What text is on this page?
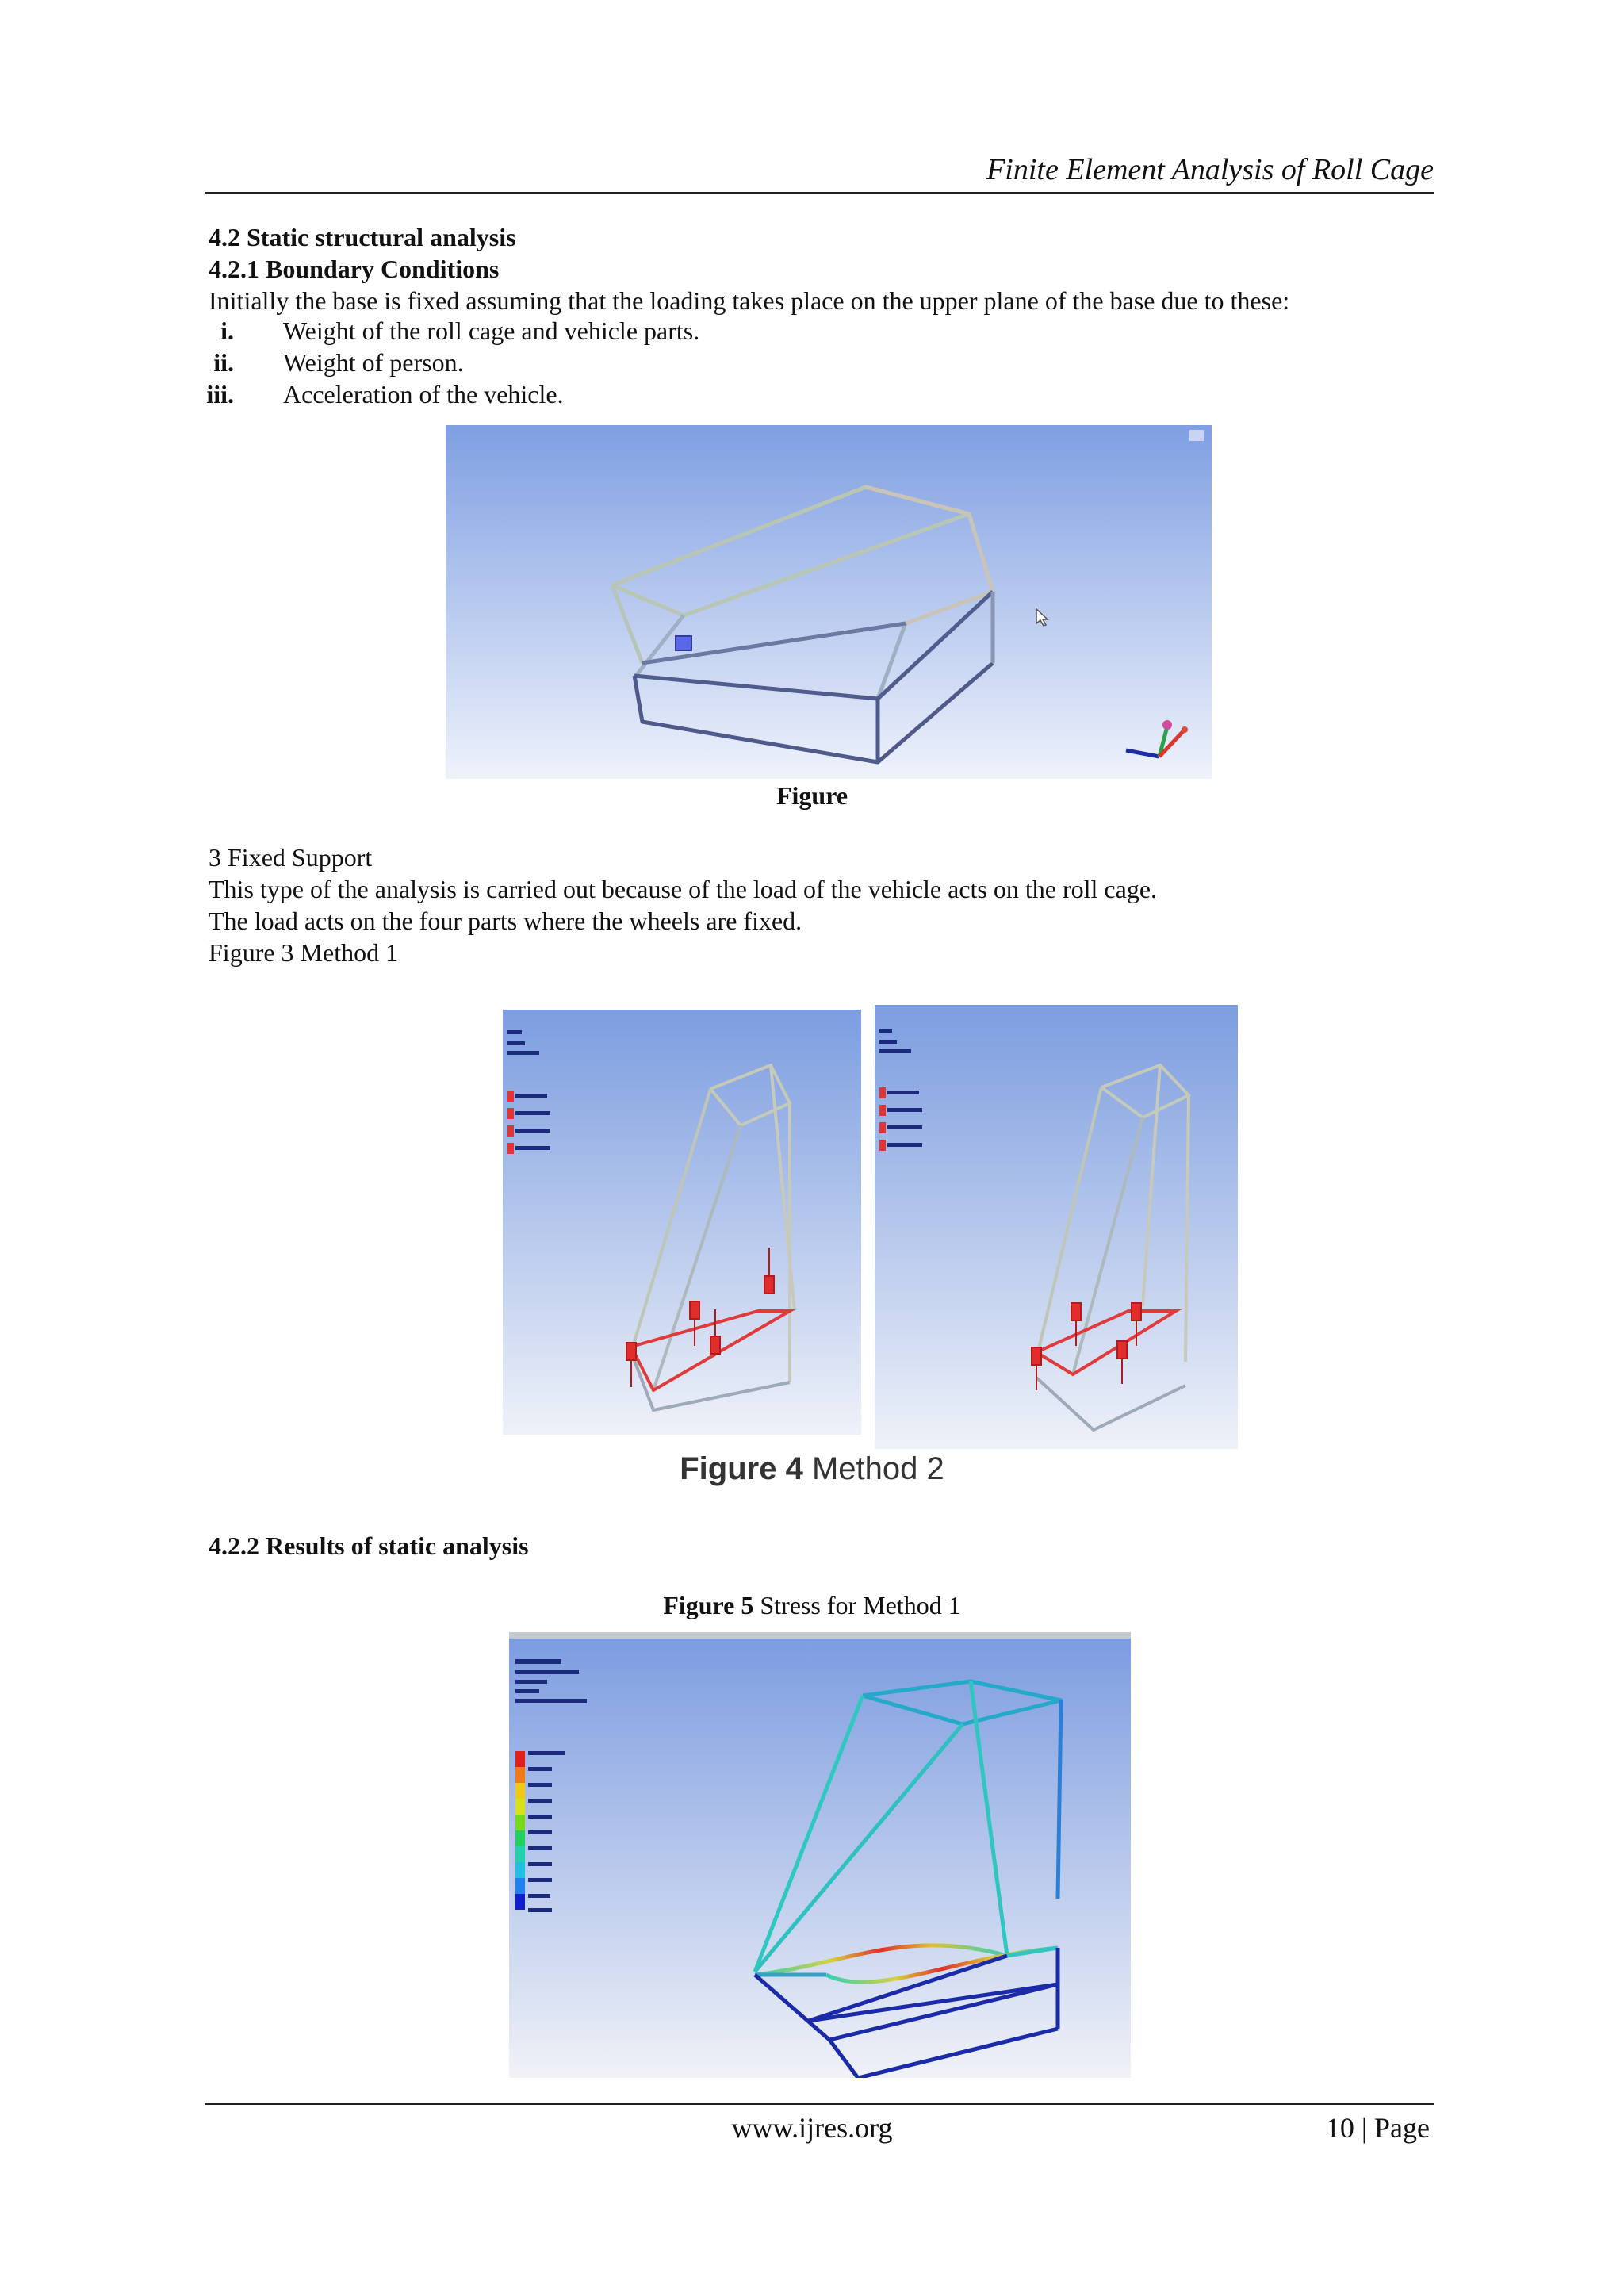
Finite Element Analysis of Roll Cage
4.2 Static structural analysis
4.2.1 Boundary Conditions
Initially the base is fixed assuming that the loading takes place on the upper plane of the base due to these:
i. Weight of the roll cage and vehicle parts.
ii. Weight of person.
iii. Acceleration of the vehicle.
Figure
3 Fixed Support
This type of the analysis is carried out because of the load of the vehicle acts on the roll cage.
The load acts on the four parts where the wheels are fixed.
Figure 3 Method 1
Figure 4 Method 2
4.2.2 Results of static analysis
Figure 5 Stress for Method 1
www.ijres.org	10 | Page
